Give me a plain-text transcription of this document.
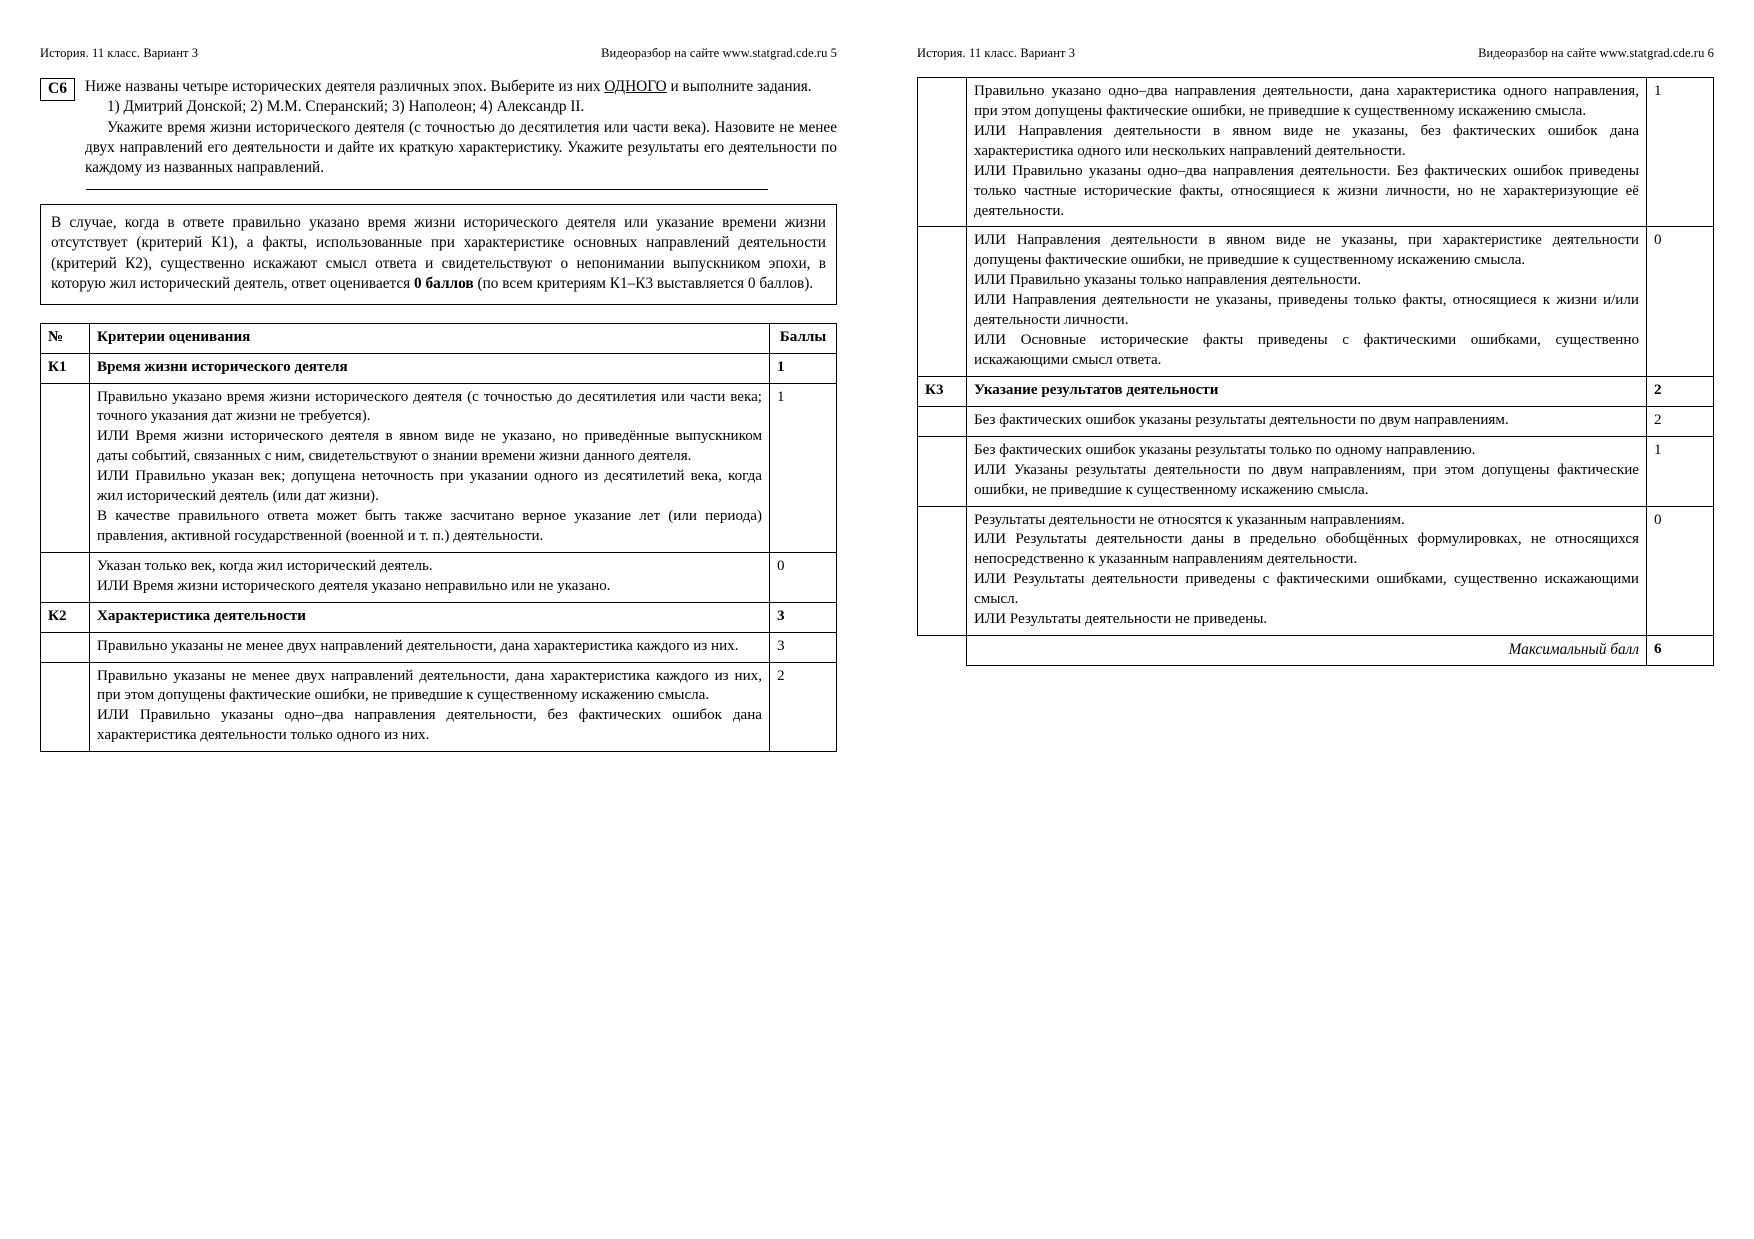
История. 11 класс. Вариант 3	Видеоразбор на сайте www.statgrad.cde.ru 5
С6	Ниже названы четыре исторических деятеля различных эпох. Выберите из них ОДНОГО и выполните задания.

1) Дмитрий Донской; 2) М.М. Сперанский; 3) Наполеон; 4) Александр II.

Укажите время жизни исторического деятеля (с точностью до десятилетия или части века). Назовите не менее двух направлений его деятельности и дайте их краткую характеристику. Укажите результаты его деятельности по каждому из названных направлений.

В случае, когда в ответе правильно указано время жизни исторического деятеля или указание времени жизни отсутствует (критерий К1), а факты, использованные при характеристике основных направлений деятельности (критерий К2), существенно искажают смысл ответа и свидетельствуют о непонимании выпускником эпохи, в которую жил исторический деятель, ответ оценивается 0 баллов (по всем критериям К1–К3 выставляется 0 баллов).
№	Критерии оценивания	Баллы
К1	Время жизни исторического деятеля	1

	Правильно указано время жизни исторического деятеля (с точностью до десятилетия или части века; точного указания дат жизни не требуется).

ИЛИ Время жизни исторического деятеля в явном виде не указано, но приведённые выпускником даты событий, связанных с ним, свидетельствуют о знании времени жизни данного деятеля.

ИЛИ Правильно указан век; допущена неточность при указании одного из десятилетий века, когда жил исторический деятель (или дат жизни).

В качестве правильного ответа может быть также засчитано верное указание лет (или периода) правления, активной государственной (военной и т. п.) деятельности.	1

	Указан только век, когда жил исторический деятель.

ИЛИ Время жизни исторического деятеля указано неправильно или не указано.	0
К2	Характеристика деятельности	3

	Правильно указаны не менее двух направлений деятельности, дана характеристика каждого из них.	3

	Правильно указаны не менее двух направлений деятельности, дана характеристика каждого из них, при этом допущены фактические ошибки, не приведшие к существенному искажению смысла.

ИЛИ Правильно указаны одно–два направления деятельности, без фактических ошибок дана характеристика деятельности только одного из них.	2
История. 11 класс. Вариант 3	Видеоразбор на сайте www.statgrad.cde.ru 6

	Правильно указано одно–два направления деятельности, дана характеристика одного направления, при этом допущены фактические ошибки, не приведшие к существенному искажению смысла.

ИЛИ Направления деятельности в явном виде не указаны, без фактических ошибок дана характеристика одного или нескольких направлений деятельности.

ИЛИ Правильно указаны одно–два направления деятельности. Без фактических ошибок приведены только частные исторические факты, относящиеся к жизни личности, но не характеризующие её деятельности.	1

	ИЛИ Направления деятельности в явном виде не указаны, при характеристике деятельности допущены фактические ошибки, не приведшие к существенному искажению смысла.

ИЛИ Правильно указаны только направления деятельности.

ИЛИ Направления деятельности не указаны, приведены только факты, относящиеся к жизни и/или деятельности личности.

ИЛИ Основные исторические факты приведены с фактическими ошибками, существенно искажающими смысл ответа.	0
К3	Указание результатов деятельности	2

	Без фактических ошибок указаны результаты деятельности по двум направлениям.	2

	Без фактических ошибок указаны результаты только по одному направлению.

ИЛИ Указаны результаты деятельности по двум направлениям, при этом допущены фактические ошибки, не приведшие к существенному искажению смысла.	1

	Результаты деятельности не относятся к указанным направлениям.

ИЛИ Результаты деятельности даны в предельно обобщённых формулировках, не относящихся непосредственно к указанным направлениям деятельности.

ИЛИ Результаты деятельности приведены с фактическими ошибками, существенно искажающими смысл.

ИЛИ Результаты деятельности не приведены.	0
	Максимальный балл	6
